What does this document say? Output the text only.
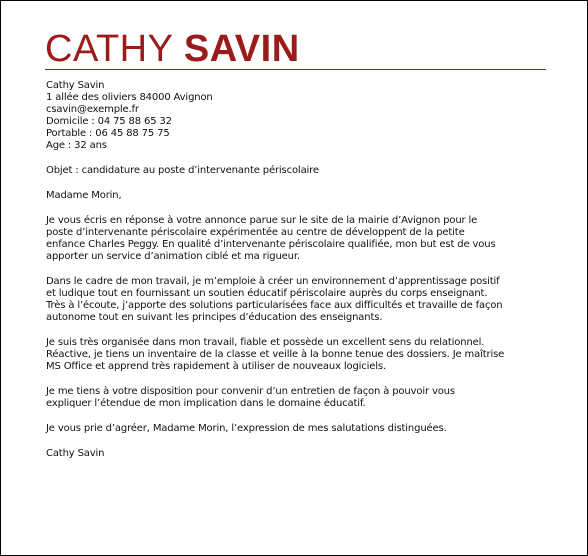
CATHY SAVIN
Cathy Savin
1 allée des oliviers 84000 Avignon
csavin@exemple.fr
Domicile : 04 75 88 65 32
Portable : 06 45 88 75 75
Age : 32 ans
Objet : candidature au poste d’intervenante périscolaire
Madame Morin,

Je vous écris en réponse à votre annonce parue sur le site de la mairie d’Avignon pour le
poste d’intervenante périscolaire expérimentée au centre de développent de la petite
enfance Charles Peggy. En qualité d’intervenante périscolaire qualifiée, mon but est de vous
apporter un service d’animation ciblé et ma rigueur.

Dans le cadre de mon travail, je m’emploie à créer un environnement d’apprentissage positif
et ludique tout en fournissant un soutien éducatif périscolaire auprès du corps enseignant.
Très à l’écoute, j’apporte des solutions particularisées face aux difficultés et travaille de façon
autonome tout en suivant les principes d’éducation des enseignants.

Je suis très organisée dans mon travail, fiable et possède un excellent sens du relationnel.
Réactive, je tiens un inventaire de la classe et veille à la bonne tenue des dossiers. Je maîtrise
MS Office et apprend très rapidement à utiliser de nouveaux logiciels.

Je me tiens à votre disposition pour convenir d’un entretien de façon à pouvoir vous
expliquer l’étendue de mon implication dans le domaine éducatif.

Je vous prie d’agréer, Madame Morin, l’expression de mes salutations distinguées.

Cathy Savin
